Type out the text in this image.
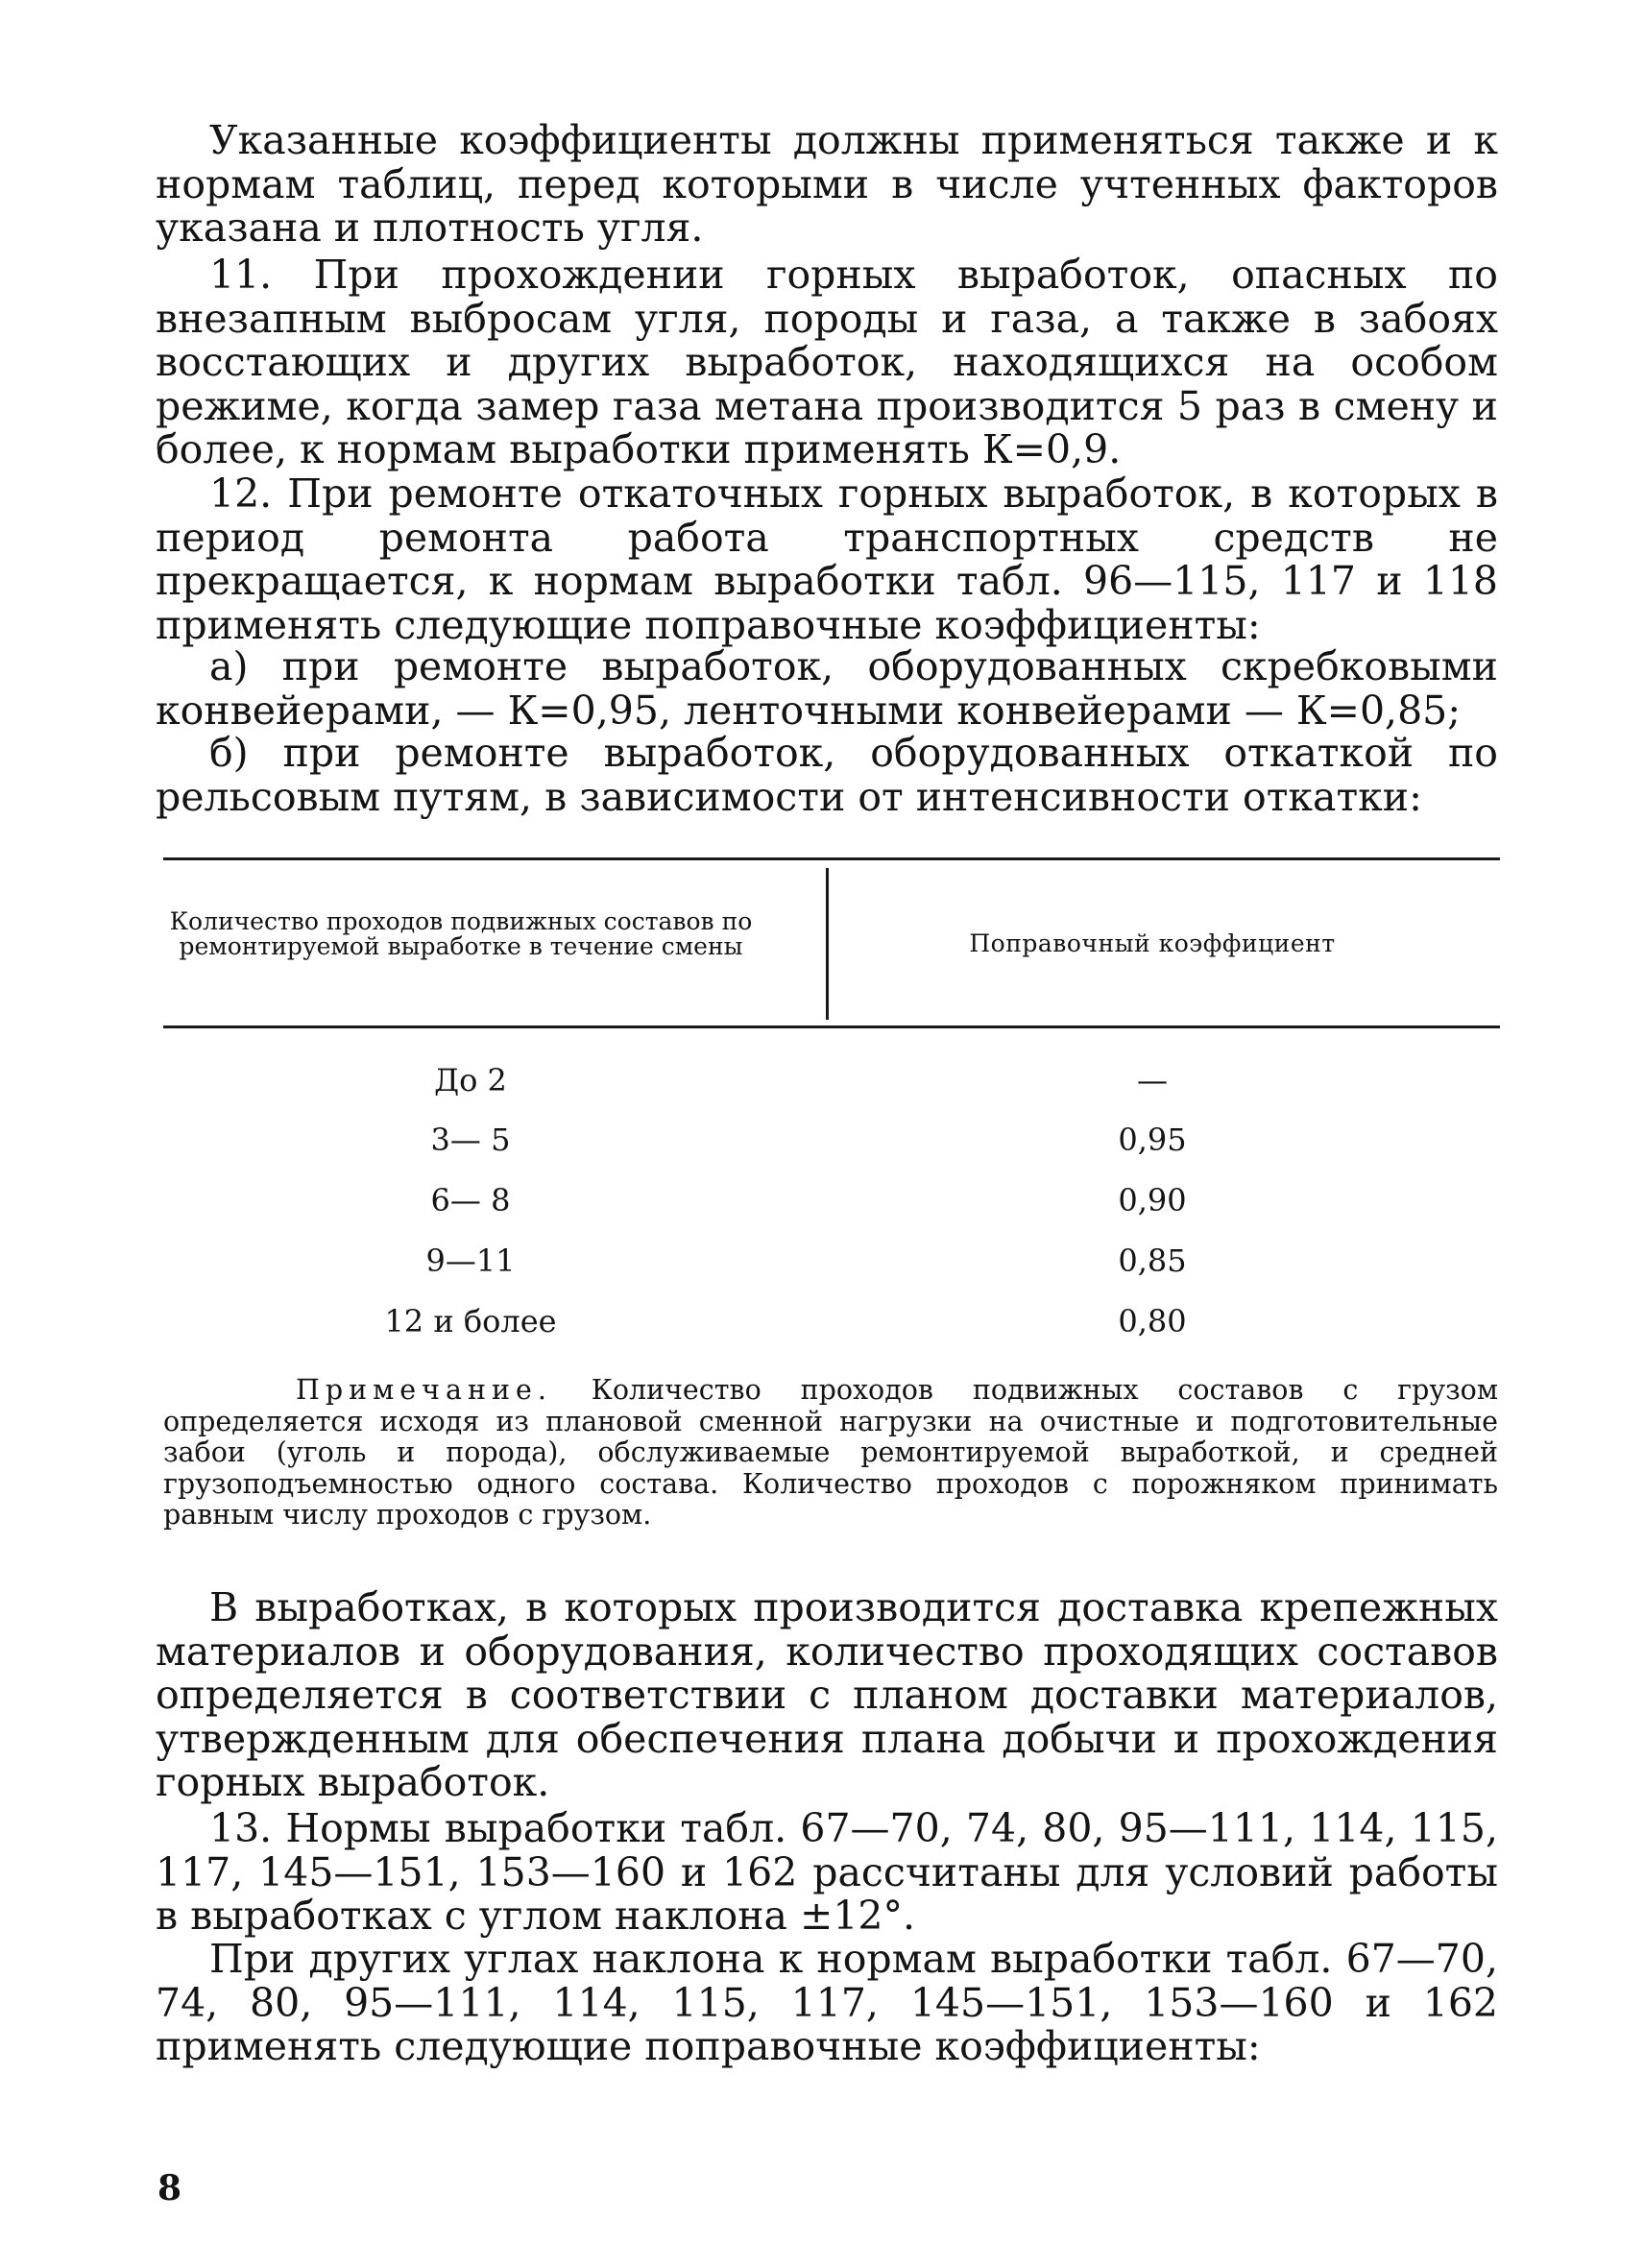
Указанные коэффициенты должны применяться также и к нормам таблиц, перед которыми в числе учтенных факторов указана и плотность угля.

11. При прохождении горных выработок, опасных по внезапным выбросам угля, породы и газа, а также в забоях восстающих и других выработок, находящихся на особом режиме, когда замер газа метана производится 5 раз в смену и более, к нормам выработки применять К=0,9.

12. При ремонте откаточных горных выработок, в которых в период ремонта работа транспортных средств не прекращается, к нормам выработки табл. 96—115, 117 и 118 применять следующие поправочные коэффициенты:

а) при ремонте выработок, оборудованных скребковыми конвейерами, — К=0,95, ленточными конвейерами — К=0,85;

б) при ремонте выработок, оборудованных откаткой по рельсовым путям, в зависимости от интенсивности откатки:

Количество проходов подвижных составов по ремонтируемой выработке в течение смены	Поправочный коэффициент
До 2	—
3— 5	0,95
6— 8	0,90
9—11	0,85
12 и более	0,80

Примечание. Количество проходов подвижных составов с грузом определяется исходя из плановой сменной нагрузки на очистные и подготовительные забои (уголь и порода), обслуживаемые ремонтируемой выработкой, и средней грузоподъемностью одного состава. Количество проходов с порожняком принимать равным числу проходов с грузом.

В выработках, в которых производится доставка крепежных материалов и оборудования, количество проходящих составов определяется в соответствии с планом доставки материалов, утвержденным для обеспечения плана добычи и прохождения горных выработок.

13. Нормы выработки табл. 67—70, 74, 80, 95—111, 114, 115, 117, 145—151, 153—160 и 162 рассчитаны для условий работы в выработках с углом наклона ±12°.

При других углах наклона к нормам выработки табл. 67—70, 74, 80, 95—111, 114, 115, 117, 145—151, 153—160 и 162 применять следующие поправочные коэффициенты:

8
